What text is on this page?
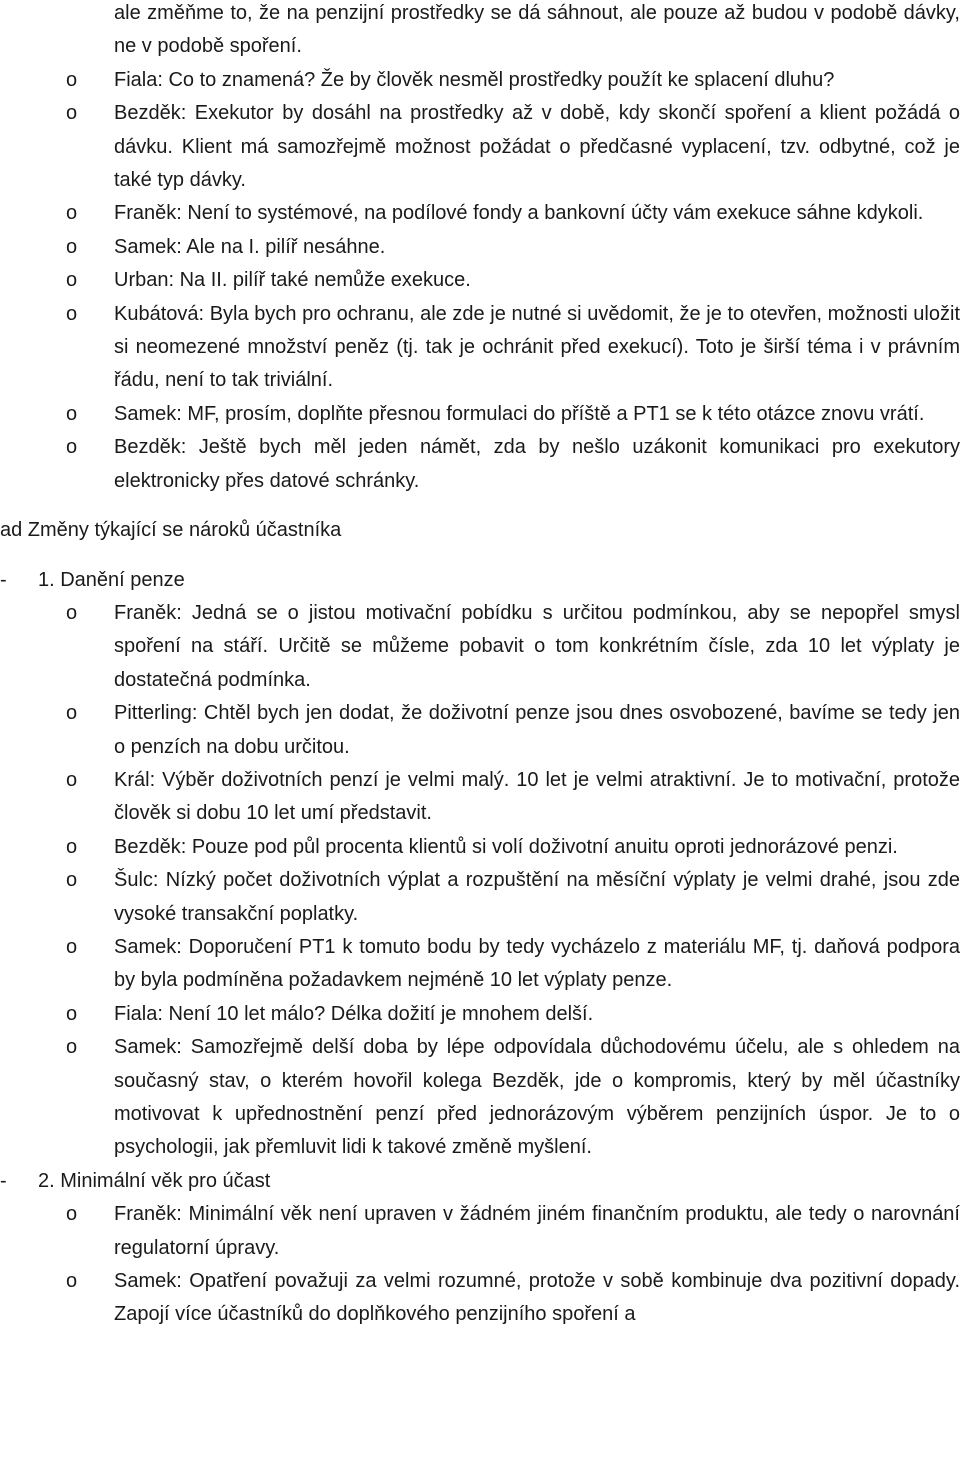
ale změňme to, že na penzijní prostředky se dá sáhnout, ale pouze až budou v podobě dávky, ne v podobě spoření.
o Fiala: Co to znamená? Že by člověk nesměl prostředky použít ke splacení dluhu?
o Bezděk: Exekutor by dosáhl na prostředky až v době, kdy skončí spoření a klient požádá o dávku. Klient má samozřejmě možnost požádat o předčasné vyplacení, tzv. odbytné, což je také typ dávky.
o Franěk: Není to systémové, na podílové fondy a bankovní účty vám exekuce sáhne kdykoli.
o Samek: Ale na I. pilíř nesáhne.
o Urban: Na II. pilíř také nemůže exekuce.
o Kubátová: Byla bych pro ochranu, ale zde je nutné si uvědomit, že je to otevřen, možnosti uložit si neomezené množství peněz (tj. tak je ochránit před exekucí). Toto je širší téma i v právním řádu, není to tak triviální.
o Samek: MF, prosím, doplňte přesnou formulaci do příště a PT1 se k této otázce znovu vrátí.
o Bezděk: Ještě bych měl jeden námět, zda by nešlo uzákonit komunikaci pro exekutory elektronicky přes datové schránky.
ad Změny týkající se nároků účastníka
- 1. Danění penze
o Franěk: Jedná se o jistou motivační pobídku s určitou podmínkou, aby se nepopřel smysl spoření na stáří. Určitě se můžeme pobavit o tom konkrétním čísle, zda 10 let výplaty je dostatečná podmínka.
o Pitterling: Chtěl bych jen dodat, že doživotní penze jsou dnes osvobozené, bavíme se tedy jen o penzích na dobu určitou.
o Král: Výběr doživotních penzí je velmi malý. 10 let je velmi atraktivní. Je to motivační, protože člověk si dobu 10 let umí představit.
o Bezděk: Pouze pod půl procenta klientů si volí doživotní anuitu oproti jednorázové penzi.
o Šulc: Nízký počet doživotních výplat a rozpuštění na měsíční výplaty je velmi drahé, jsou zde vysoké transakční poplatky.
o Samek: Doporučení PT1 k tomuto bodu by tedy vycházelo z materiálu MF, tj. daňová podpora by byla podmíněna požadavkem nejméně 10 let výplaty penze.
o Fiala: Není 10 let málo? Délka dožití je mnohem delší.
o Samek: Samozřejmě delší doba by lépe odpovídala důchodovému účelu, ale s ohledem na současný stav, o kterém hovořil kolega Bezděk, jde o kompromis, který by měl účastníky motivovat k upřednostnění penzí před jednorázovým výběrem penzijních úspor. Je to o psychologii, jak přemluvit lidi k takové změně myšlení.
- 2. Minimální věk pro účast
o Franěk: Minimální věk není upraven v žádném jiném finančním produktu, ale tedy o narovnání regulatorní úpravy.
o Samek: Opatření považuji za velmi rozumné, protože v sobě kombinuje dva pozitivní dopady. Zapojí více účastníků do doplňkového penzijního spoření a
